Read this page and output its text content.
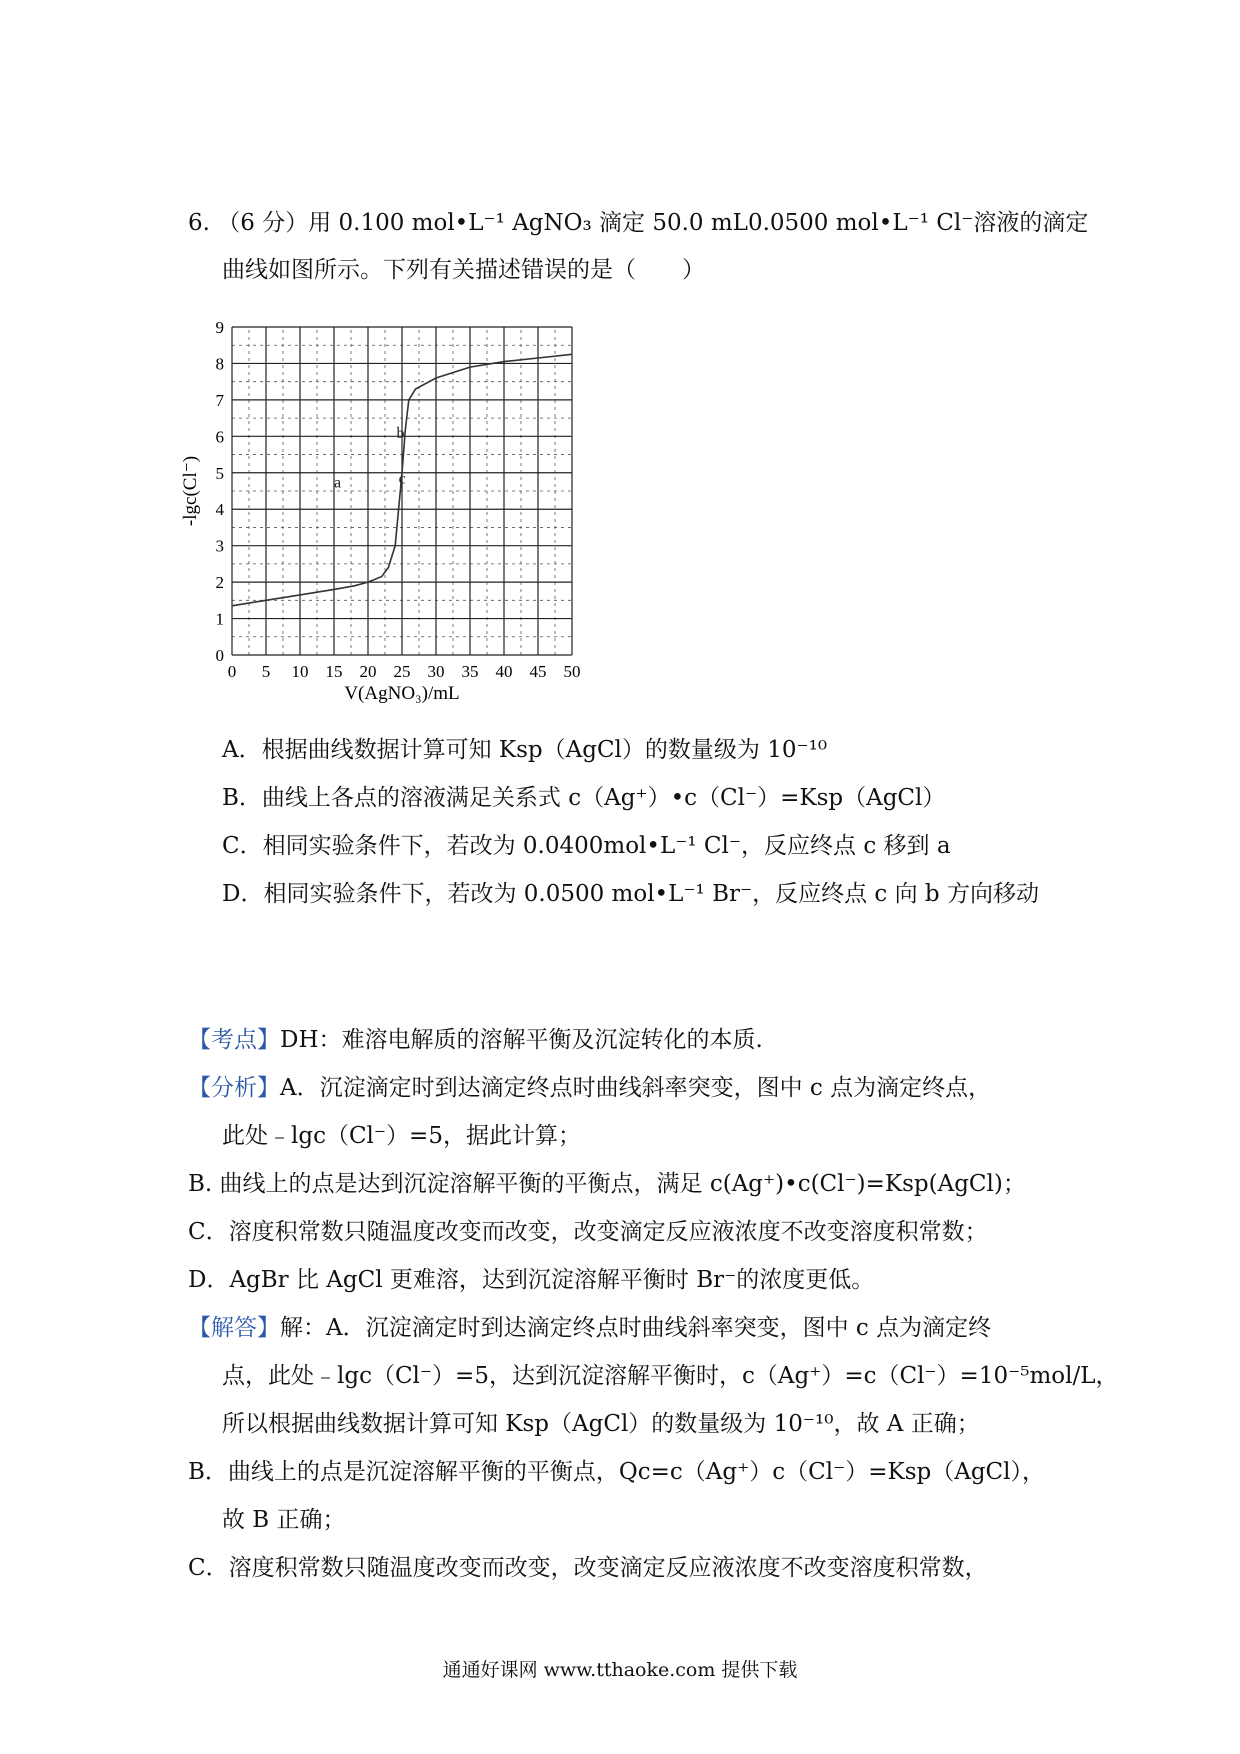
6. （6 分）用 0.100 mol•L⁻¹ AgNO₃ 滴定 50.0 mL0.0500 mol•L⁻¹ Cl⁻溶液的滴定
曲线如图所示。下列有关描述错误的是（　　）
0 5 10 15 20 25 30 35 40 45 50
0
1
2
3
4
5
6
7
8
9
a
b
c
V(AgNO₃)/mL
-lgc(Cl⁻)
A．根据曲线数据计算可知 Ksp（AgCl）的数量级为 10⁻¹⁰
B．曲线上各点的溶液满足关系式 c（Ag⁺）•c（Cl⁻）=Ksp（AgCl）
C．相同实验条件下，若改为 0.0400mol•L⁻¹ Cl⁻，反应终点 c 移到 a
D．相同实验条件下，若改为 0.0500 mol•L⁻¹ Br⁻，反应终点 c 向 b 方向移动
【考点】DH：难溶电解质的溶解平衡及沉淀转化的本质.
【分析】A．沉淀滴定时到达滴定终点时曲线斜率突变，图中 c 点为滴定终点，
此处﹣lgc（Cl⁻）=5，据此计算；
B. 曲线上的点是达到沉淀溶解平衡的平衡点，满足 c(Ag⁺)•c(Cl⁻)=Ksp(AgCl)；
C．溶度积常数只随温度改变而改变，改变滴定反应液浓度不改变溶度积常数；
D．AgBr 比 AgCl 更难溶，达到沉淀溶解平衡时 Br⁻的浓度更低。
【解答】解：A．沉淀滴定时到达滴定终点时曲线斜率突变，图中 c 点为滴定终
点，此处﹣lgc（Cl⁻）=5，达到沉淀溶解平衡时，c（Ag⁺）=c（Cl⁻）=10⁻⁵mol/L，
所以根据曲线数据计算可知 Ksp（AgCl）的数量级为 10⁻¹⁰，故 A 正确；
B．曲线上的点是沉淀溶解平衡的平衡点，Qc=c（Ag⁺）c（Cl⁻）=Ksp（AgCl），
故 B 正确；
C．溶度积常数只随温度改变而改变，改变滴定反应液浓度不改变溶度积常数，
通通好课网 www.tthaoke.com 提供下载
